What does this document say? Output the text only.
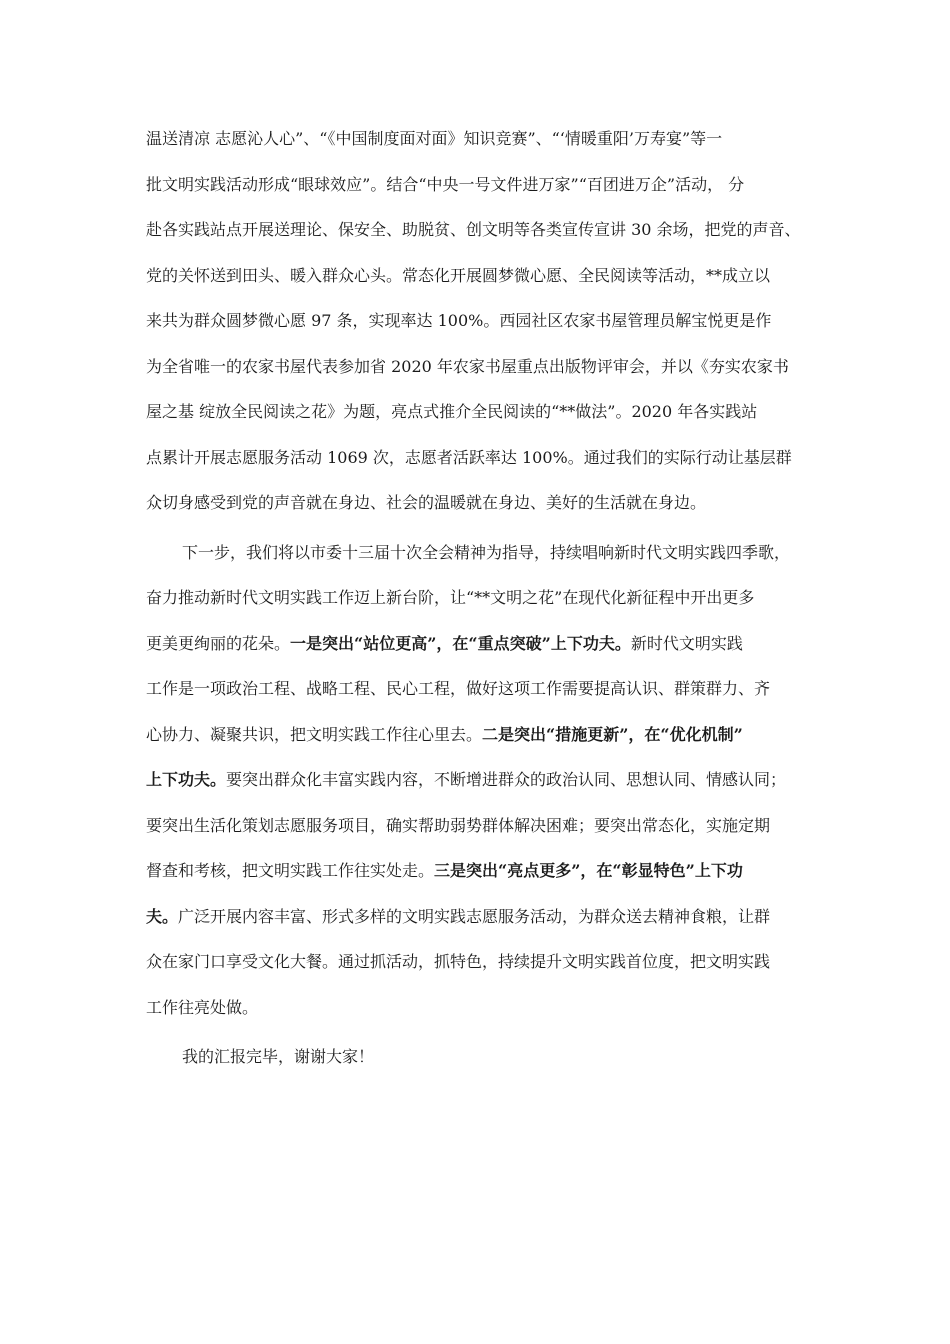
温送清凉 志愿沁人心”、“《中国制度面对面》知识竞赛”、“‘情暖重阳’万寿宴”等一
批文明实践活动形成“眼球效应”。结合“中央一号文件进万家”“百团进万企”活动， 分
赴各实践站点开展送理论、保安全、助脱贫、创文明等各类宣传宣讲 30 余场，把党的声音、
党的关怀送到田头、暖入群众心头。常态化开展圆梦微心愿、全民阅读等活动，**成立以
来共为群众圆梦微心愿 97 条，实现率达 100%。西园社区农家书屋管理员解宝悦更是作
为全省唯一的农家书屋代表参加省 2020 年农家书屋重点出版物评审会，并以《夯实农家书
屋之基 绽放全民阅读之花》为题，亮点式推介全民阅读的“**做法”。2020 年各实践站
点累计开展志愿服务活动 1069 次，志愿者活跃率达 100%。通过我们的实际行动让基层群
众切身感受到党的声音就在身边、社会的温暖就在身边、美好的生活就在身边。
下一步，我们将以市委十三届十次全会精神为指导，持续唱响新时代文明实践四季歌，
奋力推动新时代文明实践工作迈上新台阶，让“**文明之花”在现代化新征程中开出更多
更美更绚丽的花朵。一是突出“站位更高”，在“重点突破”上下功夫。新时代文明实践
工作是一项政治工程、战略工程、民心工程，做好这项工作需要提高认识、群策群力、齐
心协力、凝聚共识，把文明实践工作往心里去。二是突出“措施更新”，在“优化机制”
上下功夫。要突出群众化丰富实践内容，不断增进群众的政治认同、思想认同、情感认同；
要突出生活化策划志愿服务项目，确实帮助弱势群体解决困难；要突出常态化，实施定期
督查和考核，把文明实践工作往实处走。三是突出“亮点更多”，在“彰显特色”上下功
夫。广泛开展内容丰富、形式多样的文明实践志愿服务活动，为群众送去精神食粮，让群
众在家门口享受文化大餐。通过抓活动，抓特色，持续提升文明实践首位度，把文明实践
工作往亮处做。
我的汇报完毕，谢谢大家！
